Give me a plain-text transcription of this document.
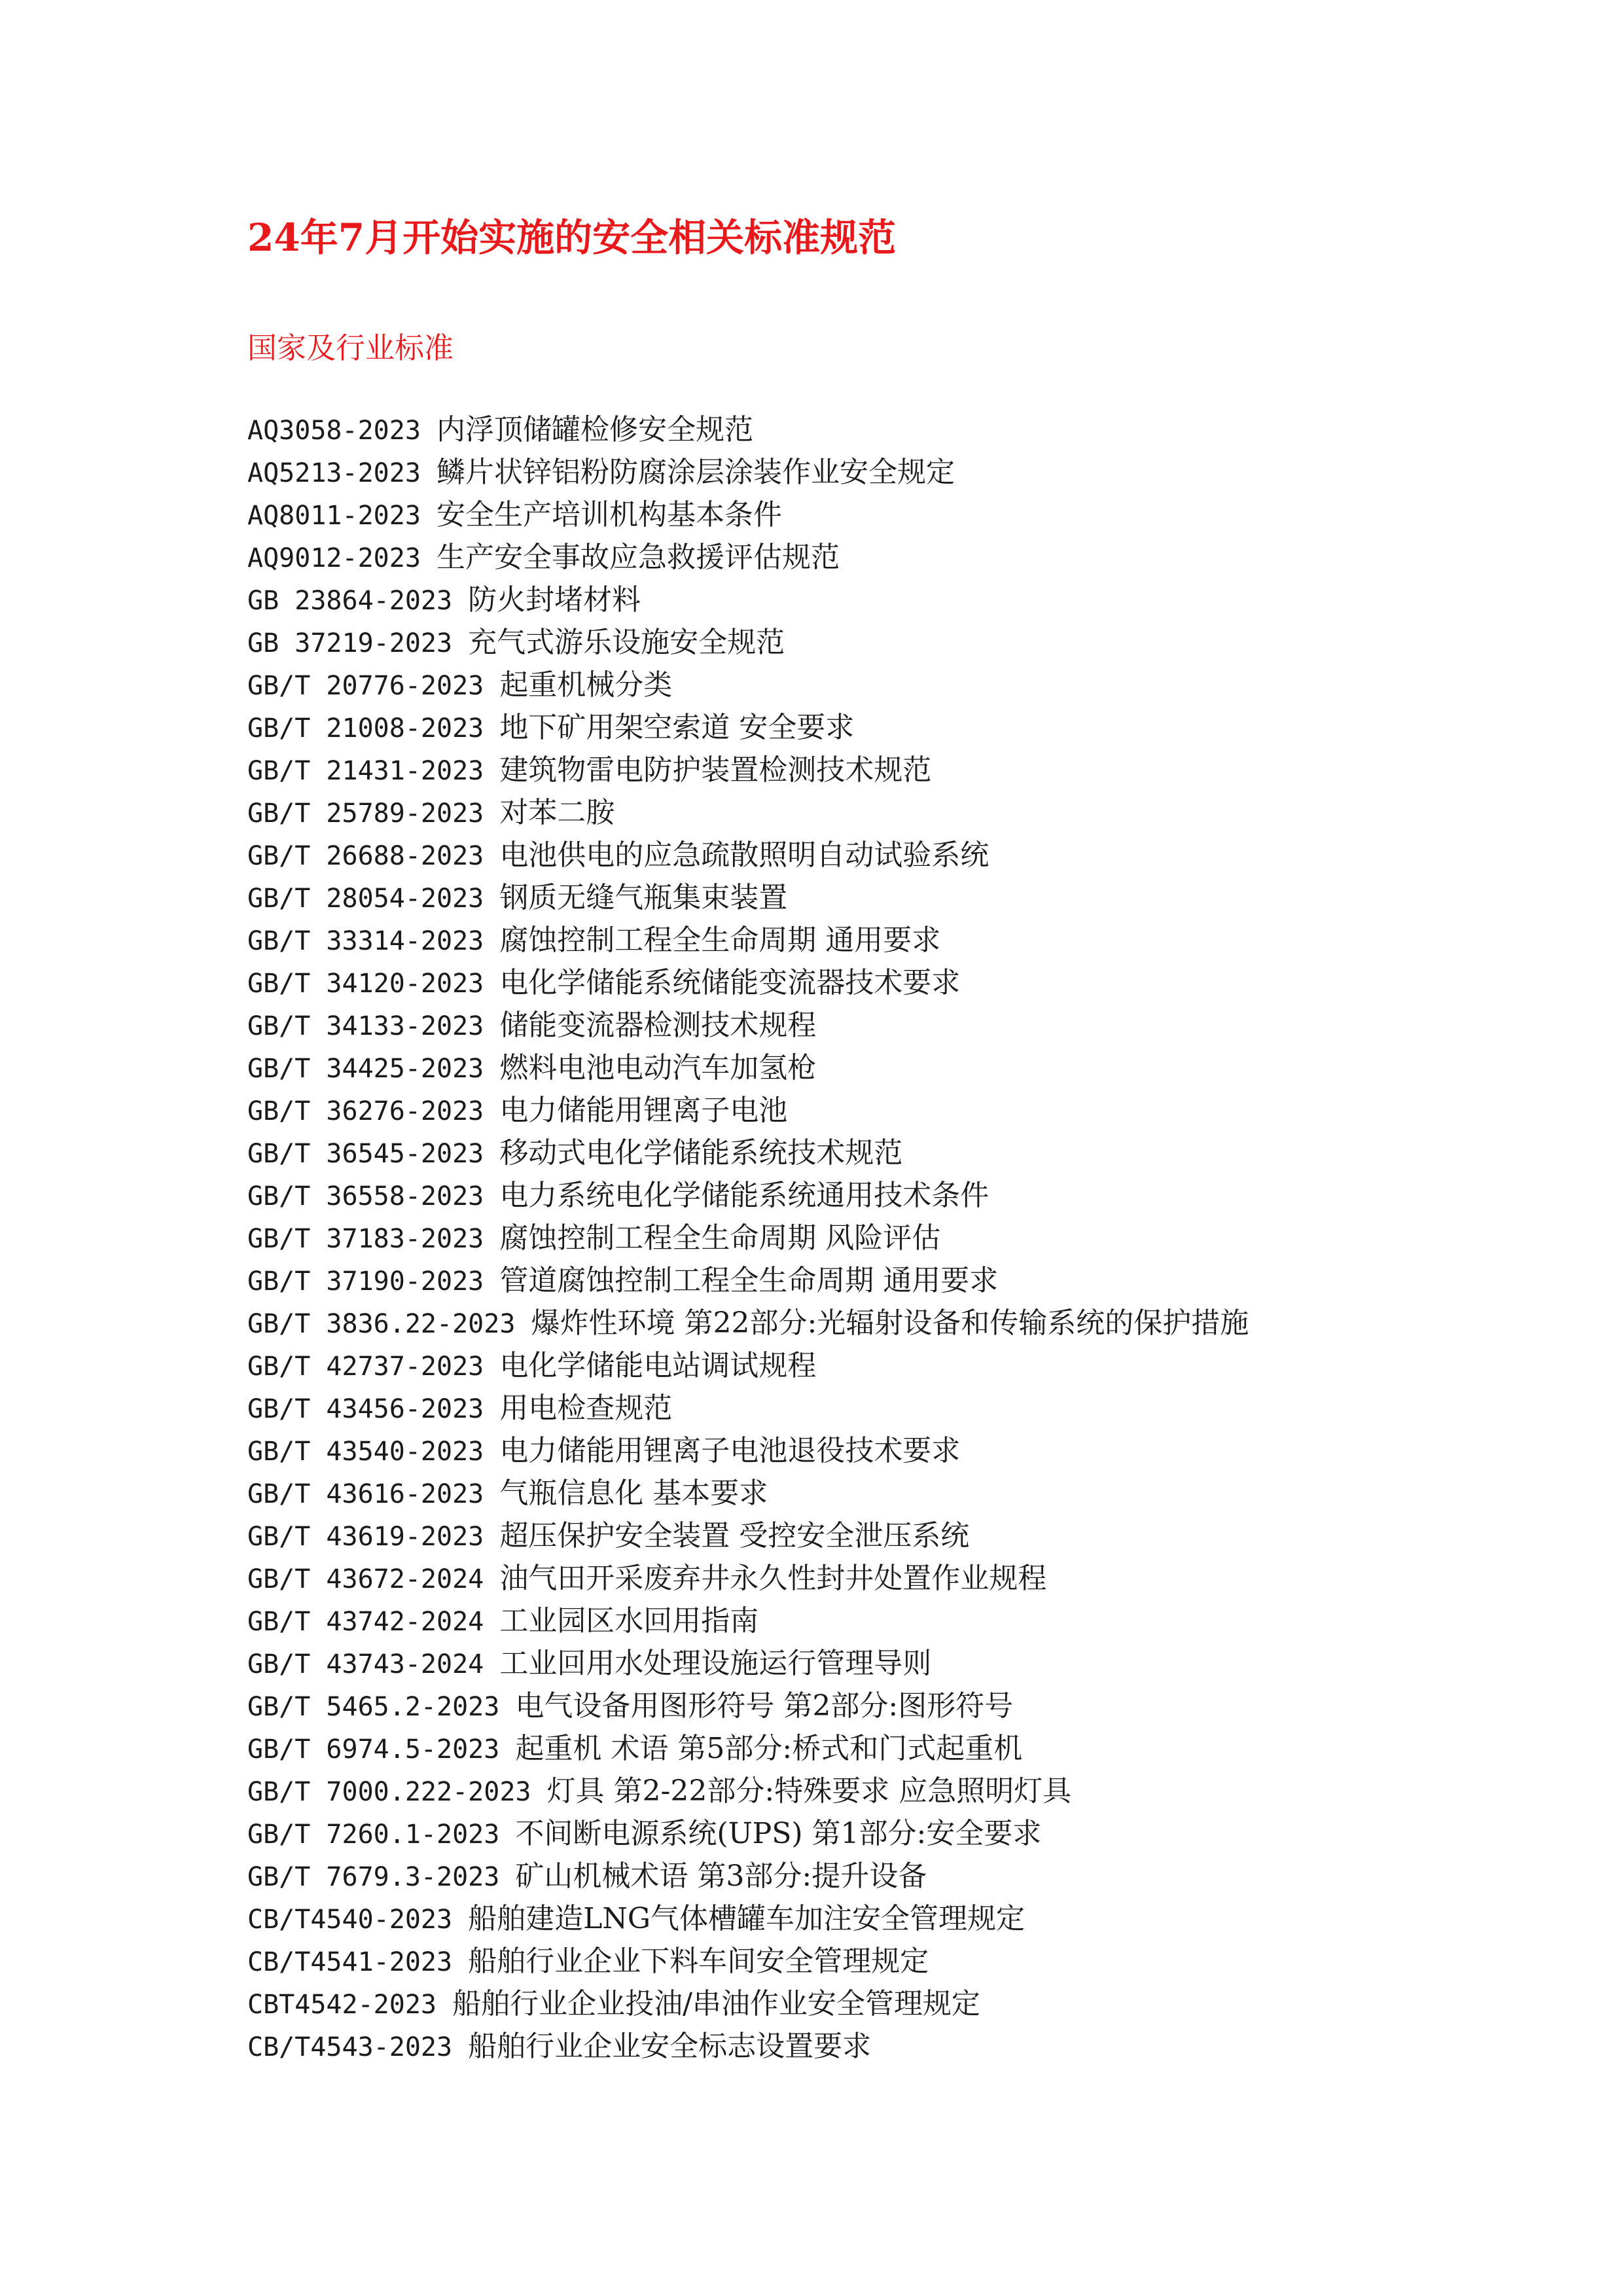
24年7月开始实施的安全相关标准规范
国家及行业标准
AQ3058-2023 内浮顶储罐检修安全规范
AQ5213-2023 鳞片状锌铝粉防腐涂层涂装作业安全规定
AQ8011-2023 安全生产培训机构基本条件
AQ9012-2023 生产安全事故应急救援评估规范
GB 23864-2023 防火封堵材料
GB 37219-2023 充气式游乐设施安全规范
GB/T 20776-2023 起重机械分类
GB/T 21008-2023 地下矿用架空索道 安全要求
GB/T 21431-2023 建筑物雷电防护装置检测技术规范
GB/T 25789-2023 对苯二胺
GB/T 26688-2023 电池供电的应急疏散照明自动试验系统
GB/T 28054-2023 钢质无缝气瓶集束装置
GB/T 33314-2023 腐蚀控制工程全生命周期 通用要求
GB/T 34120-2023 电化学储能系统储能变流器技术要求
GB/T 34133-2023 储能变流器检测技术规程
GB/T 34425-2023 燃料电池电动汽车加氢枪
GB/T 36276-2023 电力储能用锂离子电池
GB/T 36545-2023 移动式电化学储能系统技术规范
GB/T 36558-2023 电力系统电化学储能系统通用技术条件
GB/T 37183-2023 腐蚀控制工程全生命周期 风险评估
GB/T 37190-2023 管道腐蚀控制工程全生命周期 通用要求
GB/T 3836.22-2023 爆炸性环境 第22部分:光辐射设备和传输系统的保护措施
GB/T 42737-2023 电化学储能电站调试规程
GB/T 43456-2023 用电检查规范
GB/T 43540-2023 电力储能用锂离子电池退役技术要求
GB/T 43616-2023 气瓶信息化 基本要求
GB/T 43619-2023 超压保护安全装置 受控安全泄压系统
GB/T 43672-2024 油气田开采废弃井永久性封井处置作业规程
GB/T 43742-2024 工业园区水回用指南
GB/T 43743-2024 工业回用水处理设施运行管理导则
GB/T 5465.2-2023 电气设备用图形符号 第2部分:图形符号
GB/T 6974.5-2023 起重机 术语 第5部分:桥式和门式起重机
GB/T 7000.222-2023 灯具 第2-22部分:特殊要求 应急照明灯具
GB/T 7260.1-2023 不间断电源系统(UPS) 第1部分:安全要求
GB/T 7679.3-2023 矿山机械术语 第3部分:提升设备
CB/T4540-2023 船舶建造LNG气体槽罐车加注安全管理规定
CB/T4541-2023 船舶行业企业下料车间安全管理规定
CBT4542-2023 船舶行业企业投油/串油作业安全管理规定
CB/T4543-2023 船舶行业企业安全标志设置要求
